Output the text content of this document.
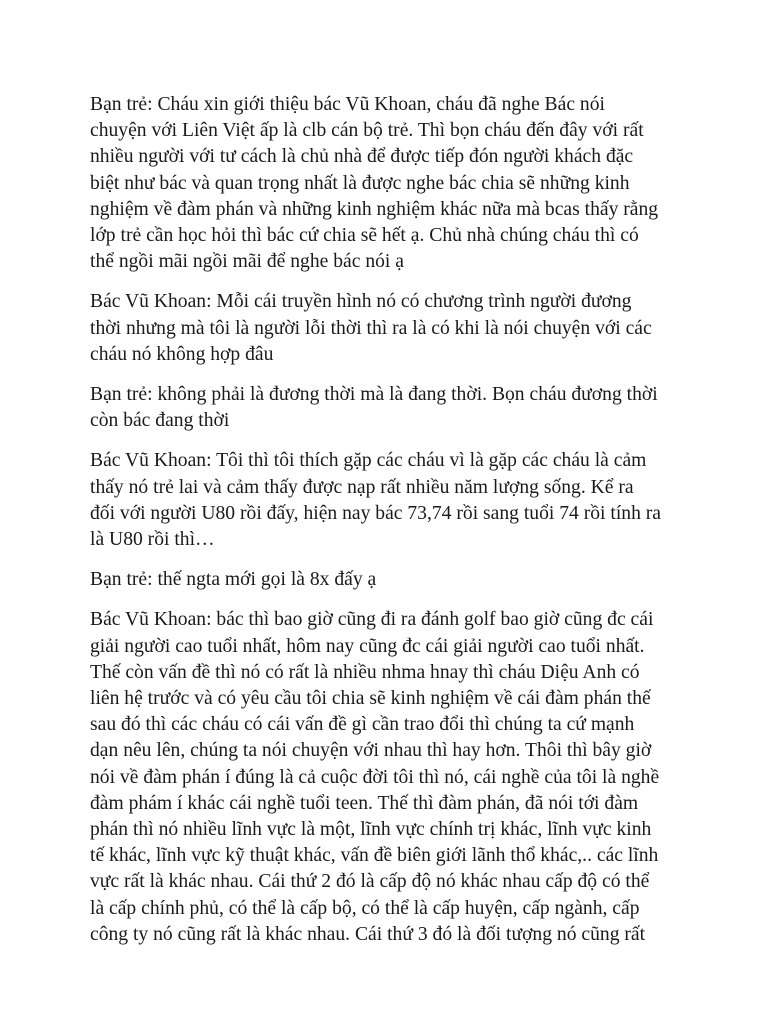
Bạn trẻ: Cháu xin giới thiệu bác Vũ Khoan, cháu đã nghe Bác nói
chuyện với Liên Việt ấp là clb cán bộ trẻ. Thì bọn cháu đến đây với rất
nhiều người với tư cách là chủ nhà để được tiếp đón người khách đặc
biệt như bác và quan trọng nhất là được nghe bác chia sẽ những kinh
nghiệm về đàm phán và những kinh nghiệm khác nữa mà bcas thấy rằng
lớp trẻ cần học hỏi thì bác cứ chia sẽ hết ạ. Chủ nhà chúng cháu thì có
thể ngồi mãi ngồi mãi để nghe bác nói ạ

Bác Vũ Khoan: Mỗi cái truyền hình nó có chương trình người đương
thời nhưng mà tôi là người lỗi thời thì ra là có khi là nói chuyện với các
cháu nó không hợp đâu

Bạn trẻ: không phải là đương thời mà là đang thời. Bọn cháu đương thời
còn bác đang thời

Bác Vũ Khoan: Tôi thì tôi thích gặp các cháu vì là gặp các cháu là cảm
thấy nó trẻ lai và cảm thấy được nạp rất nhiều năm lượng sống. Kể ra
đối với người U80 rồi đấy, hiện nay bác 73,74 rồi sang tuổi 74 rồi tính ra
là U80 rồi thì…

Bạn trẻ: thế ngta mới gọi là 8x đấy ạ

Bác Vũ Khoan: bác thì bao giờ cũng đi ra đánh golf bao giờ cũng đc cái
giải người cao tuổi nhất, hôm nay cũng đc cái giải người cao tuổi nhất.
Thế còn vấn đề thì nó có rất là nhiều nhma hnay thì cháu Diệu Anh có
liên hệ trước và có yêu cầu tôi chia sẽ kinh nghiệm về cái đàm phán thế
sau đó thì các cháu có cái vấn đề gì cần trao đổi thì chúng ta cứ mạnh
dạn nêu lên, chúng ta nói chuyện với nhau thì hay hơn. Thôi thì bây giờ
nói về đàm phán í đúng là cả cuộc đời tôi thì nó, cái nghề của tôi là nghề
đàm phám í khác cái nghề tuổi teen. Thế thì đàm phán, đã nói tới đàm
phán thì nó nhiều lĩnh vực là một, lĩnh vực chính trị khác, lĩnh vực kinh
tế khác, lĩnh vực kỹ thuật khác, vấn đề biên giới lãnh thổ khác,.. các lĩnh
vực rất là khác nhau. Cái thứ 2 đó là cấp độ nó khác nhau cấp độ có thể
là cấp chính phủ, có thể là cấp bộ, có thể là cấp huyện, cấp ngành, cấp
công ty nó cũng rất là khác nhau. Cái thứ 3 đó là đối tượng nó cũng rất
